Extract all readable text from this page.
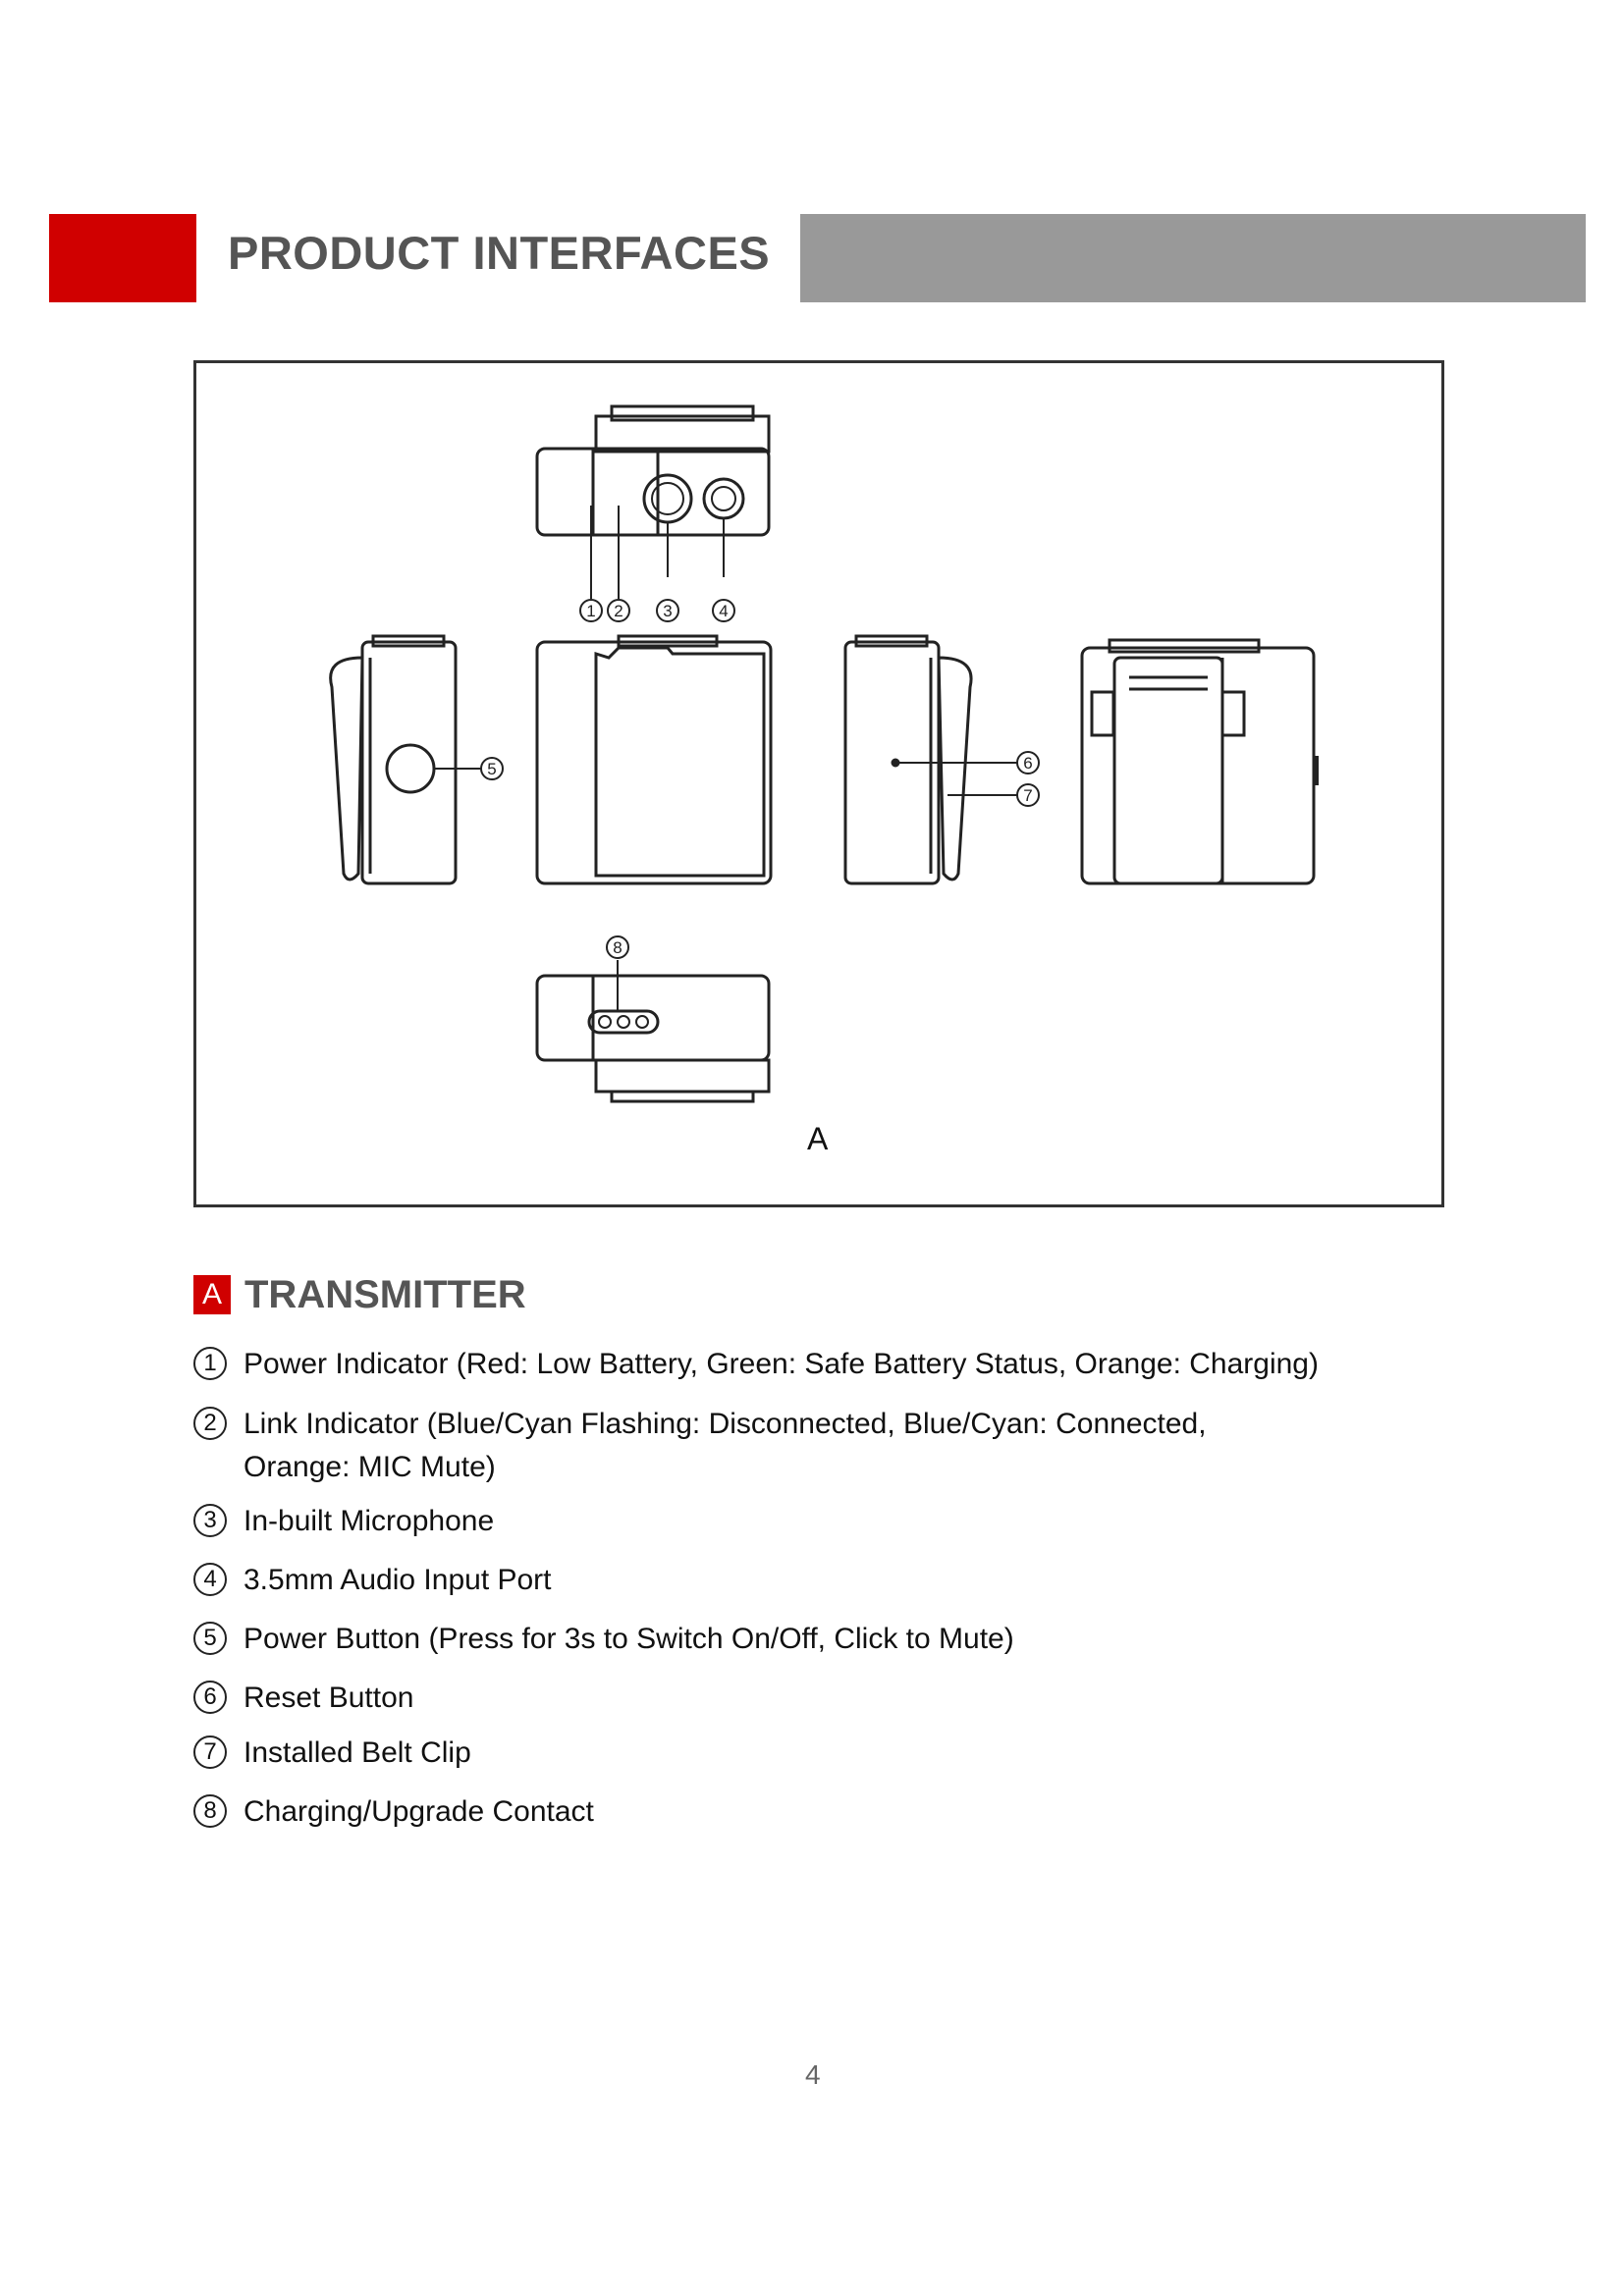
PRODUCT INTERFACES
1 2 3	4
5	6
7
8
A
A TRANSMITTER
1 Power Indicator (Red: Low Battery, Green: Safe Battery Status, Orange: Charging)
2 Link Indicator (Blue/Cyan Flashing: Disconnected, Blue/Cyan: Connected,
Orange: MIC Mute)
3 In-built Microphone
4 3.5mm Audio Input Port
5 Power Button (Press for 3s to Switch On/Off, Click to Mute)
6 Reset Button
7 Installed Belt Clip
8 Charging/Upgrade Contact
4
